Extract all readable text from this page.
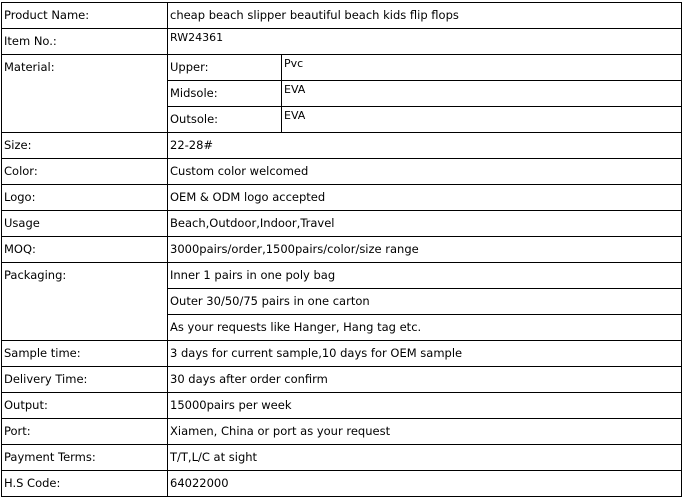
Product Name:	cheap beach slipper beautiful beach kids flip flops	
Item No.:	RW24361	
Material:	Upper:	Pvc
	Midsole:	EVA
	Outsole:	EVA
Size:	22-28#	
Color:	Custom color welcomed	
Logo:	OEM & ODM logo accepted	
Usage	Beach,Outdoor,Indoor,Travel	
MOQ:	3000pairs/order,1500pairs/color/size range	
Packaging:	Inner 1 pairs in one poly bag	
	Outer 30/50/75 pairs in one carton	
	As your requests like Hanger, Hang tag etc.	
Sample time:	3 days for current sample,10 days for OEM sample	
Delivery Time:	30 days after order confirm	
Output:	15000pairs per week	
Port:	Xiamen, China or port as your request	
Payment Terms:	T/T,L/C at sight	
H.S Code:	64022000	
